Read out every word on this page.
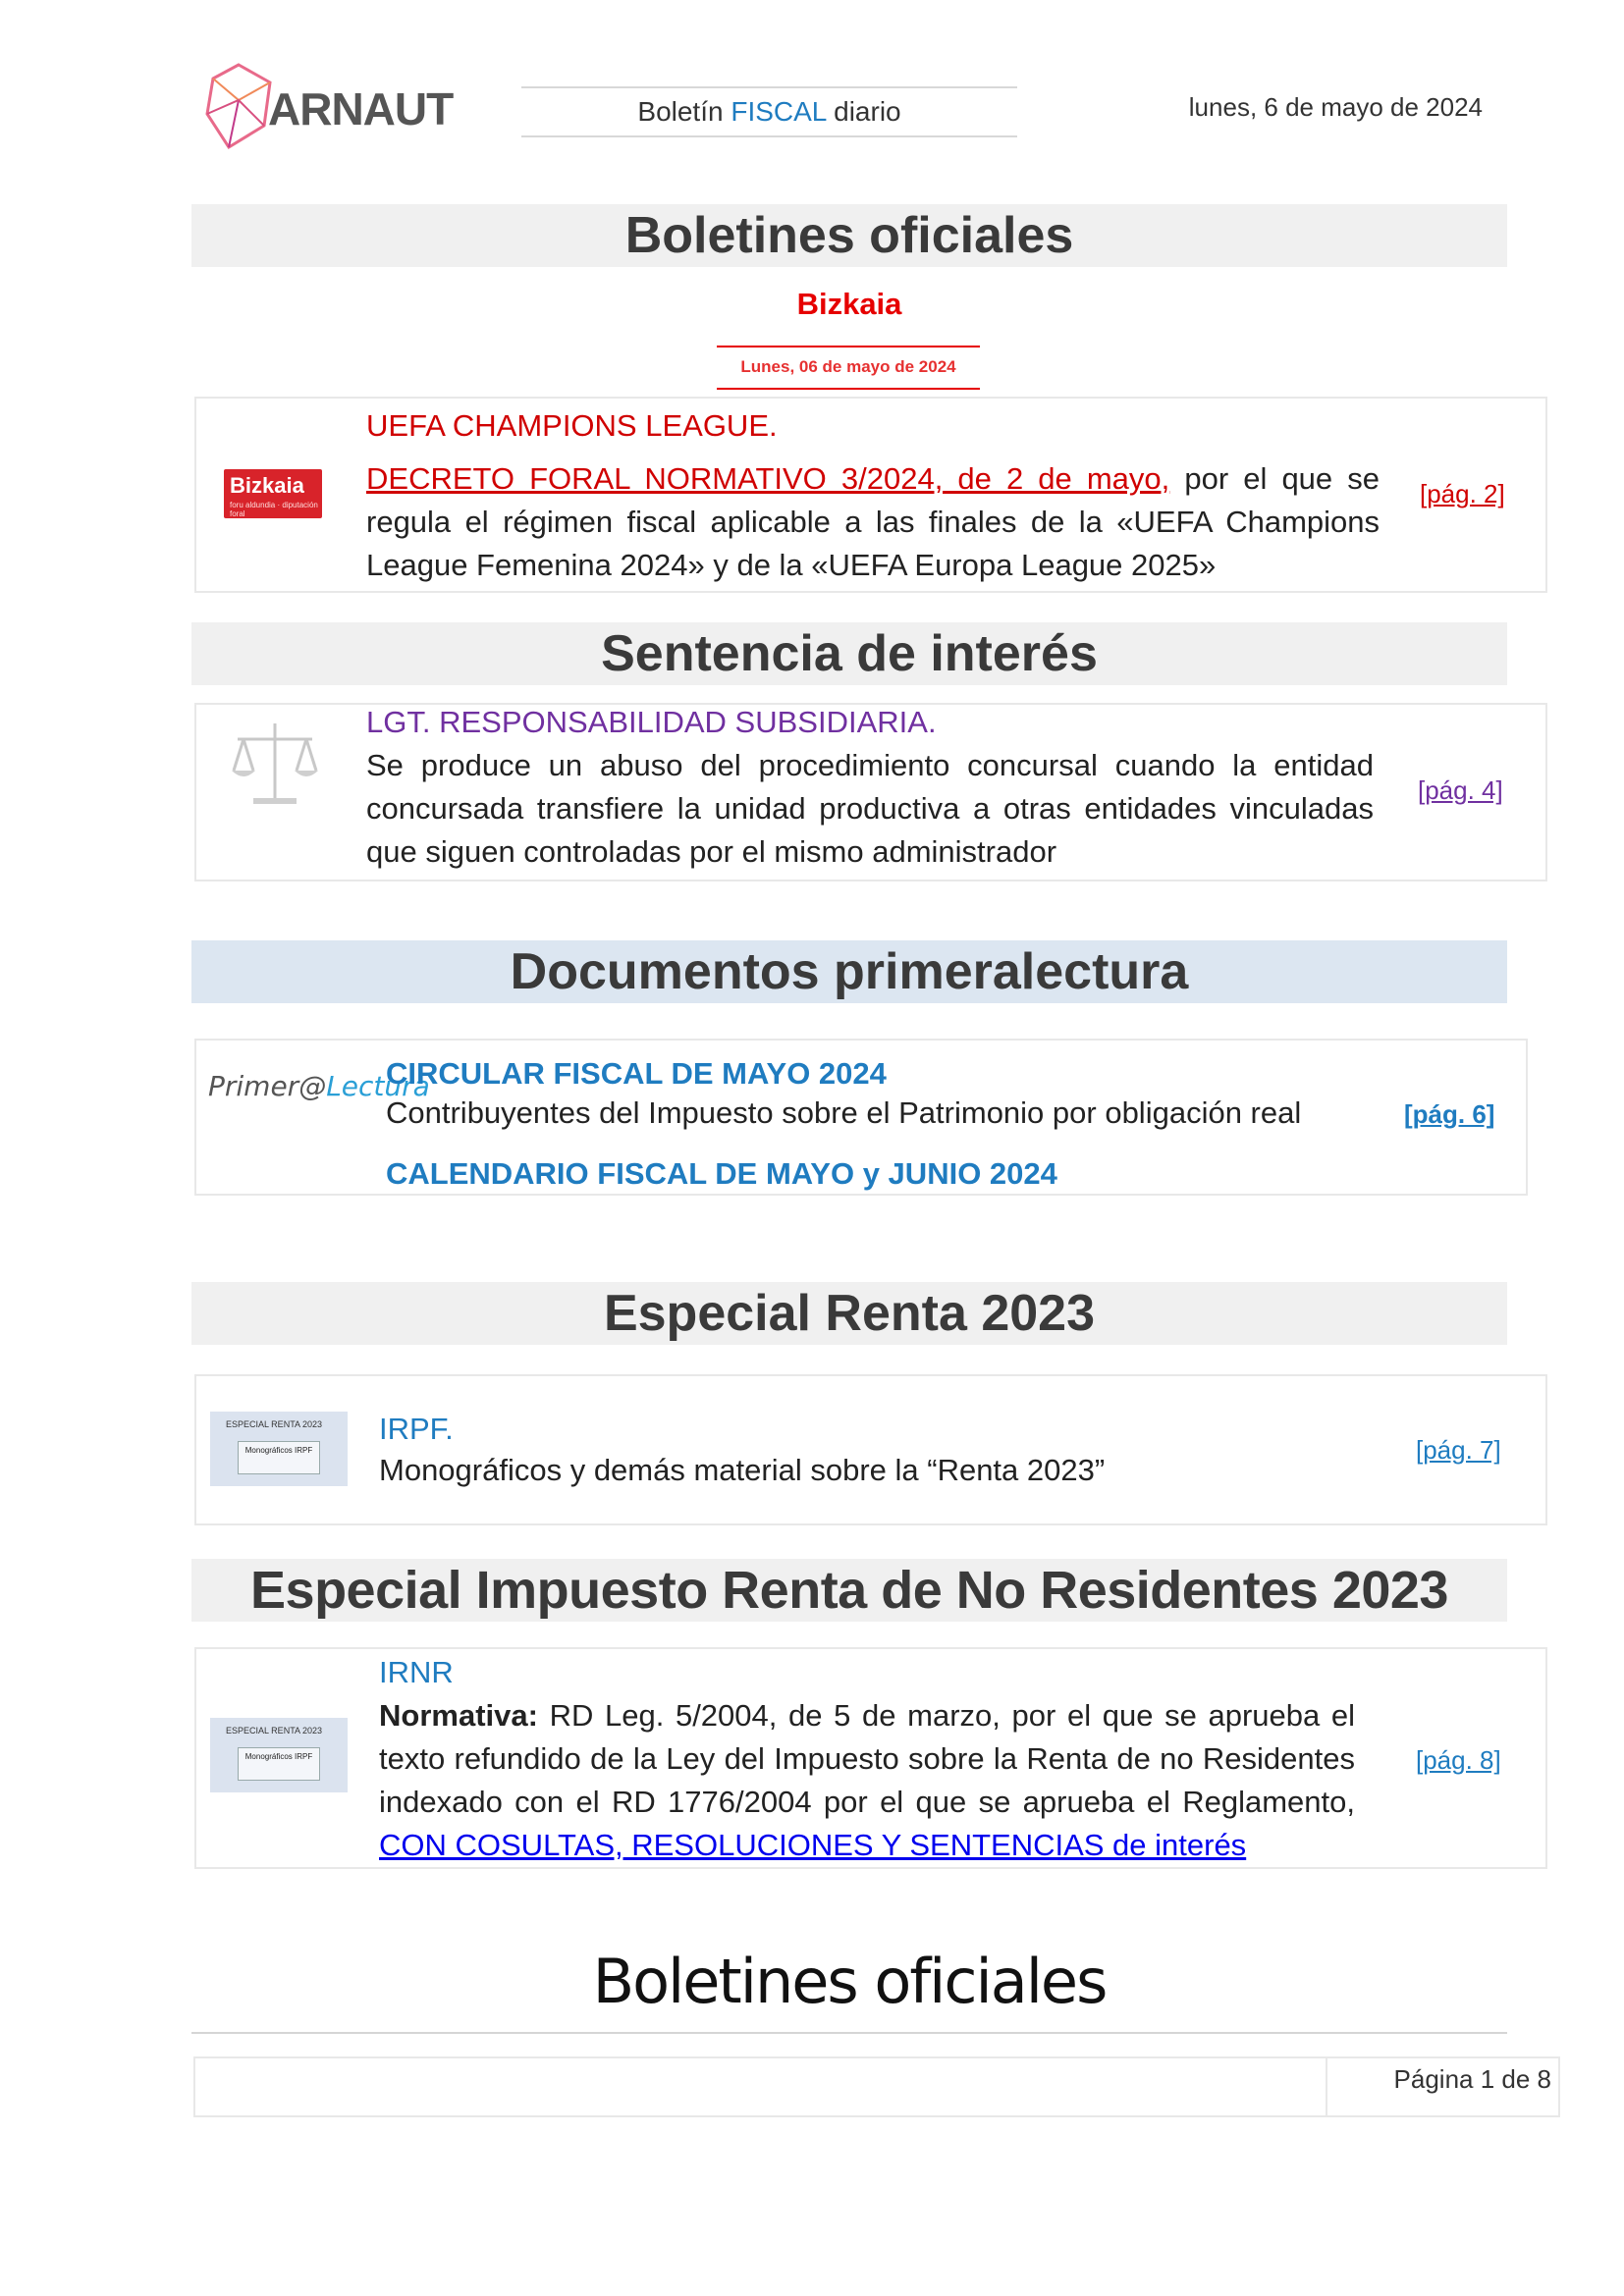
ARNAUT	Boletín FISCAL diario	lunes, 6 de mayo de 2024
Boletines oficiales
Bizkaia
Lunes, 06 de mayo de 2024
Bizkaia
foru aldundia · diputación foral
UEFA CHAMPIONS LEAGUE.
DECRETO FORAL NORMATIVO 3/2024, de 2 de mayo, por el que se regula el régimen fiscal aplicable a las finales de la «UEFA Champions League Femenina 2024» y de la «UEFA Europa League 2025»
[pág. 2]
Sentencia de interés
LGT. RESPONSABILIDAD SUBSIDIARIA.
Se produce un abuso del procedimiento concursal cuando la entidad concursada transfiere la unidad productiva a otras entidades vinculadas que siguen controladas por el mismo administrador
[pág. 4]
Documentos primeralectura
Primer@Lectura
CIRCULAR FISCAL DE MAYO 2024
Contribuyentes del Impuesto sobre el Patrimonio por obligación real
CALENDARIO FISCAL DE MAYO y JUNIO 2024
[pág. 6]
Especial Renta 2023
ESPECIAL RENTA 2023
Monográficos IRPF
IRPF.
Monográficos y demás material sobre la “Renta 2023”
[pág. 7]
Especial Impuesto Renta de No Residentes 2023
ESPECIAL RENTA 2023
Monográficos IRPF
IRNR
Normativa: RD Leg. 5/2004, de 5 de marzo, por el que se aprueba el texto refundido de la Ley del Impuesto sobre la Renta de no Residentes indexado con el RD 1776/2004 por el que se aprueba el Reglamento, CON COSULTAS, RESOLUCIONES Y SENTENCIAS de interés
[pág. 8]
Boletines oficiales
Página 1 de 8
